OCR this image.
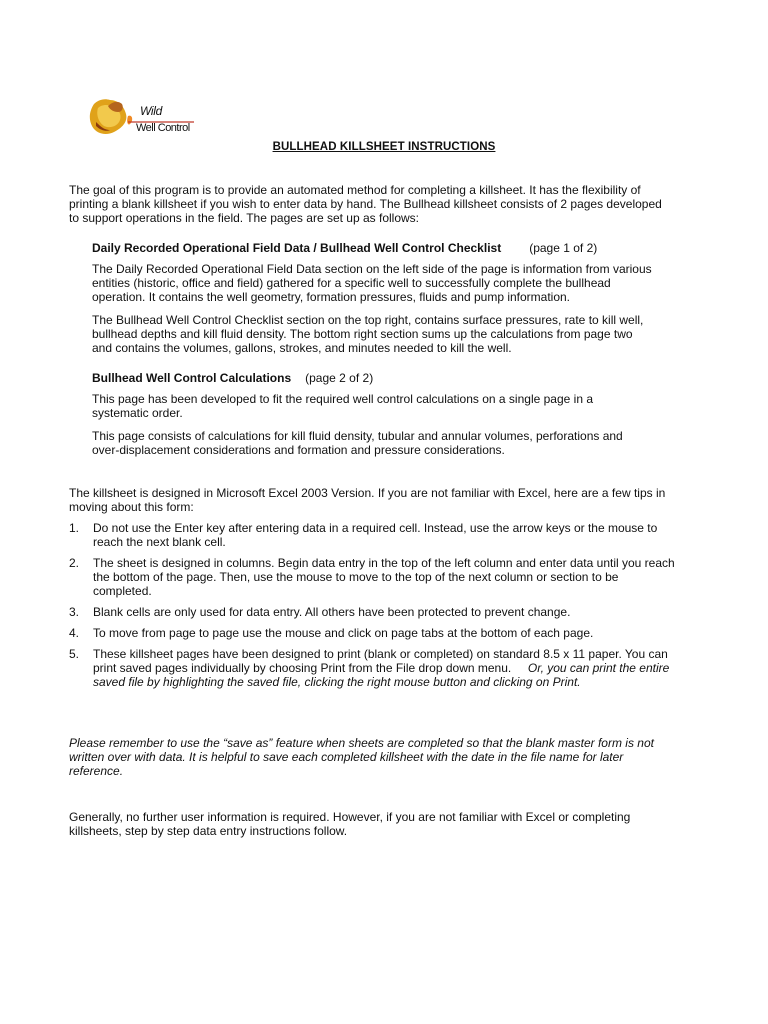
Wild
Well Control
BULLHEAD KILLSHEET INSTRUCTIONS
The goal of this program is to provide an automated method for completing a killsheet. It has the flexibility of printing a blank killsheet if you wish to enter data by hand. The Bullhead killsheet consists of 2 pages developed to support operations in the field. The pages are set up as follows:
Daily Recorded Operational Field Data / Bullhead Well Control Checklist (page 1 of 2)
The Daily Recorded Operational Field Data section on the left side of the page is information from various entities (historic, office and field) gathered for a specific well to successfully complete the bullhead operation. It contains the well geometry, formation pressures, fluids and pump information.
The Bullhead Well Control Checklist section on the top right, contains surface pressures, rate to kill well, bullhead depths and kill fluid density. The bottom right section sums up the calculations from page two and contains the volumes, gallons, strokes, and minutes needed to kill the well.
Bullhead Well Control Calculations (page 2 of 2)
This page has been developed to fit the required well control calculations on a single page in a systematic order.
This page consists of calculations for kill fluid density, tubular and annular volumes, perforations and over-displacement considerations and formation and pressure considerations.
The killsheet is designed in Microsoft Excel 2003 Version. If you are not familiar with Excel, here are a few tips in moving about this form:
1. Do not use the Enter key after entering data in a required cell. Instead, use the arrow keys or the mouse to reach the next blank cell.
2. The sheet is designed in columns. Begin data entry in the top of the left column and enter data until you reach the bottom of the page. Then, use the mouse to move to the top of the next column or section to be completed.
3. Blank cells are only used for data entry. All others have been protected to prevent change.
4. To move from page to page use the mouse and click on page tabs at the bottom of each page.
5. These killsheet pages have been designed to print (blank or completed) on standard 8.5 x 11 paper. You can print saved pages individually by choosing Print from the File drop down menu.     Or, you can print the entire saved file by highlighting the saved file, clicking the right mouse button and clicking on Print.
Please remember to use the “save as” feature when sheets are completed so that the blank master form is not written over with data. It is helpful to save each completed killsheet with the date in the file name for later reference.
Generally, no further user information is required. However, if you are not familiar with Excel or completing killsheets, step by step data entry instructions follow.
